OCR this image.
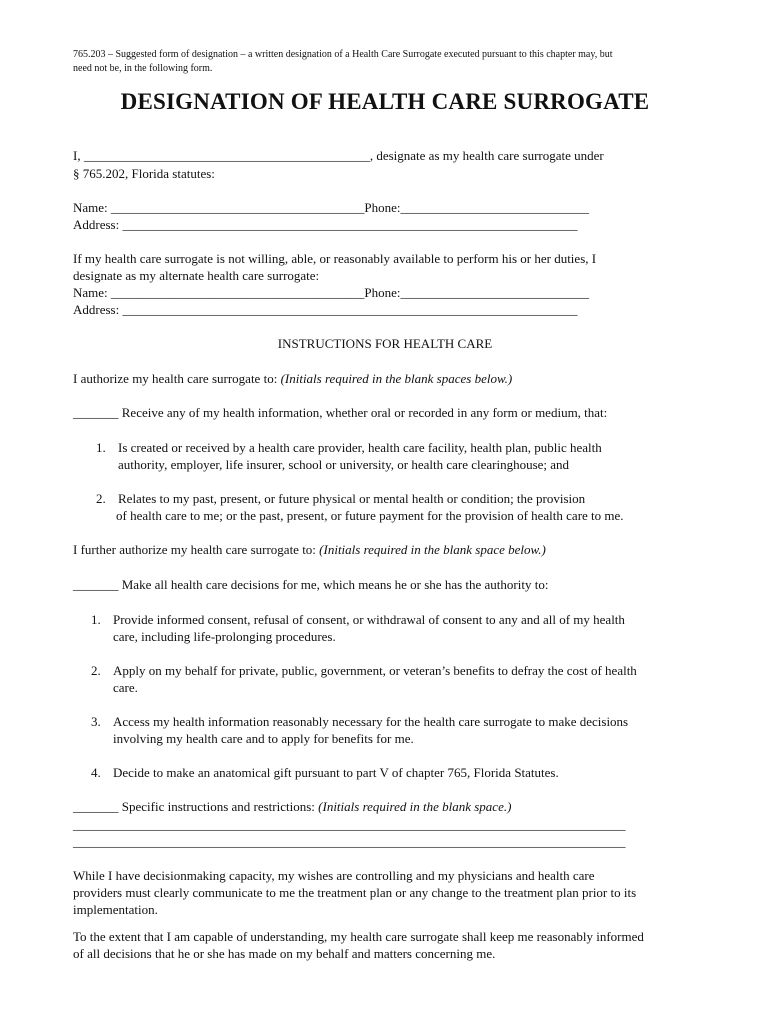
765.203 – Suggested form of designation – a written designation of a Health Care Surrogate executed pursuant to this chapter may, but
need not be, in the following form.
DESIGNATION OF HEALTH CARE SURROGATE
I, ____________________________________________, designate as my health care surrogate under
§ 765.202, Florida statutes:
Name: _______________________________________Phone:_____________________________
Address: ______________________________________________________________________
If my health care surrogate is not willing, able, or reasonably available to perform his or her duties, I
designate as my alternate health care surrogate:
Name: _______________________________________Phone:_____________________________
Address: ______________________________________________________________________
INSTRUCTIONS FOR HEALTH CARE
I authorize my health care surrogate to: (Initials required in the blank spaces below.)
_______ Receive any of my health information, whether oral or recorded in any form or medium, that:
1. Is created or received by a health care provider, health care facility, health plan, public health
authority, employer, life insurer, school or university, or health care clearinghouse; and
2. Relates to my past, present, or future physical or mental health or condition; the provision
of health care to me; or the past, present, or future payment for the provision of health care to me.
I further authorize my health care surrogate to: (Initials required in the blank space below.)
_______ Make all health care decisions for me, which means he or she has the authority to:
1. Provide informed consent, refusal of consent, or withdrawal of consent to any and all of my health
care, including life-prolonging procedures.
2. Apply on my behalf for private, public, government, or veteran’s benefits to defray the cost of health
care.
3. Access my health information reasonably necessary for the health care surrogate to make decisions
involving my health care and to apply for benefits for me.
4. Decide to make an anatomical gift pursuant to part V of chapter 765, Florida Statutes.
_______ Specific instructions and restrictions: (Initials required in the blank space.)
_____________________________________________________________________________________
_____________________________________________________________________________________
While I have decisionmaking capacity, my wishes are controlling and my physicians and health care
providers must clearly communicate to me the treatment plan or any change to the treatment plan prior to its
implementation.
To the extent that I am capable of understanding, my health care surrogate shall keep me reasonably informed
of all decisions that he or she has made on my behalf and matters concerning me.
